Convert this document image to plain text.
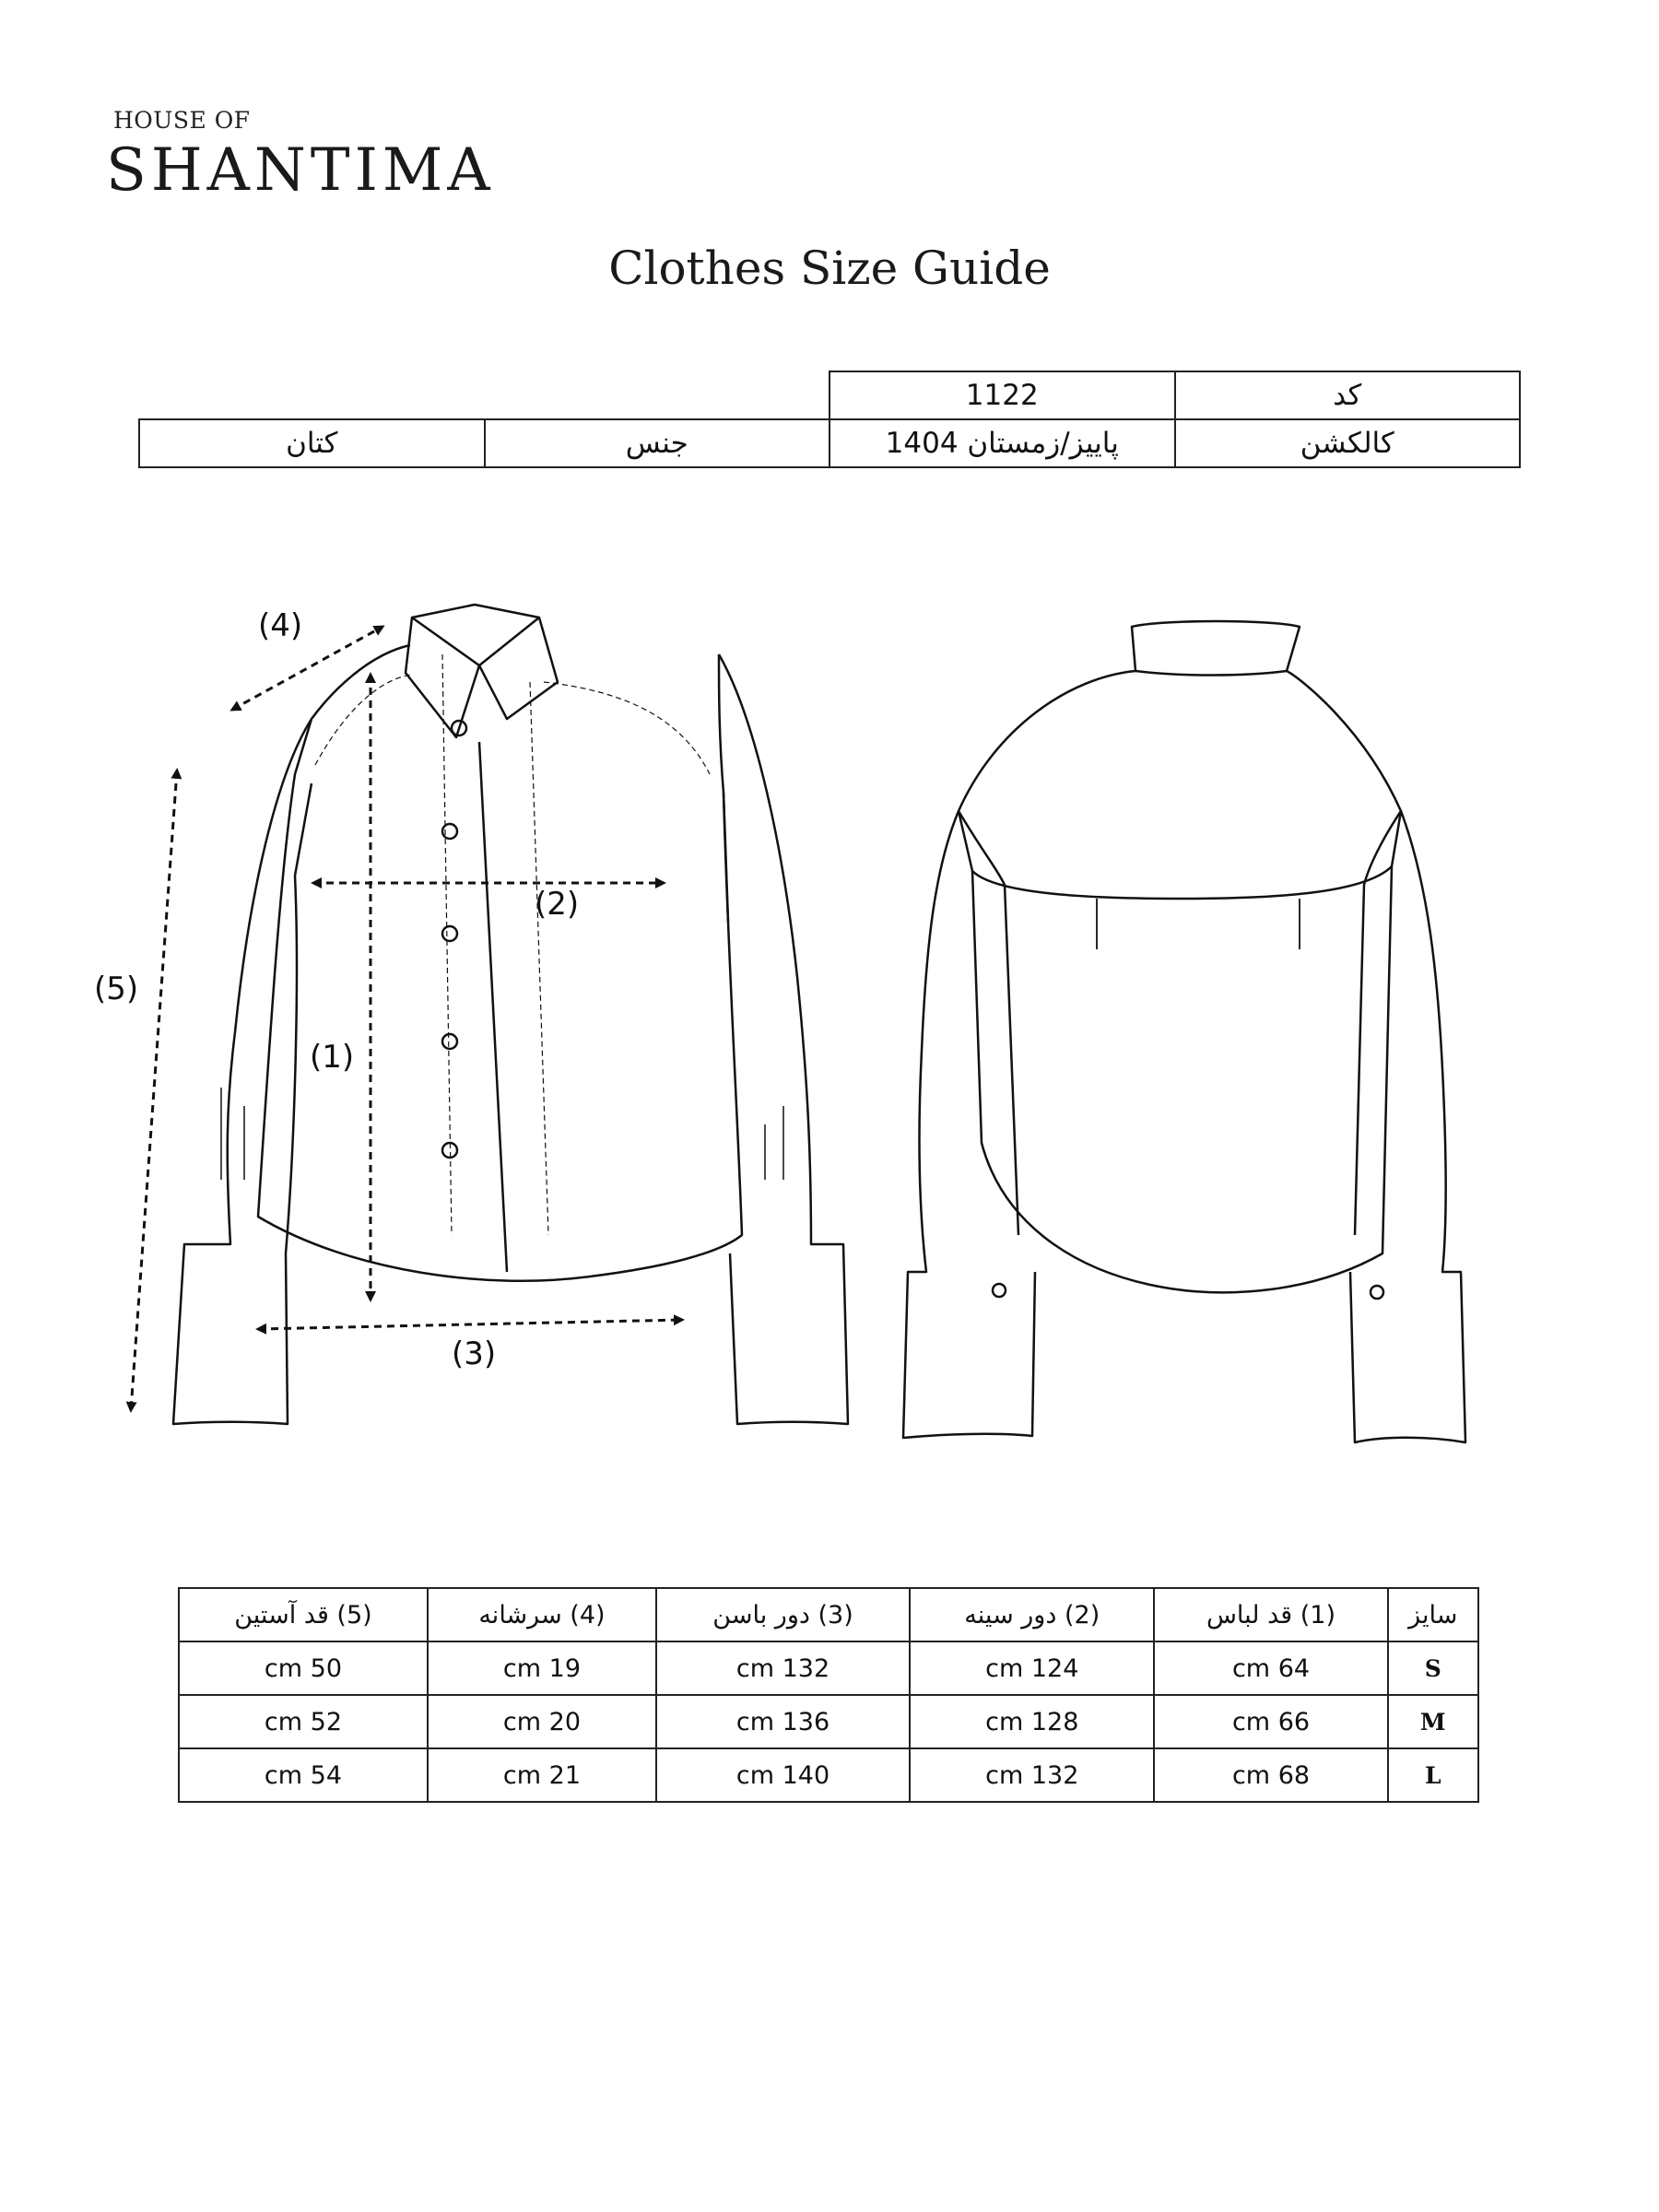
HOUSE OF
SHANTIMA
Clothes Size Guide
کد	1122		
کالکشن	پاییز/زمستان 1404	جنس	کتان
(1)
(2)
(3)
(4)
(5)
سایز	(1) قد لباس	(2) دور سینه	(3) دور باسن	(4) سرشانه	(5) قد آستین
S	64 cm	124 cm	132 cm	19 cm	50 cm
M	66 cm	128 cm	136 cm	20 cm	52 cm
L	68 cm	132 cm	140 cm	21 cm	54 cm
